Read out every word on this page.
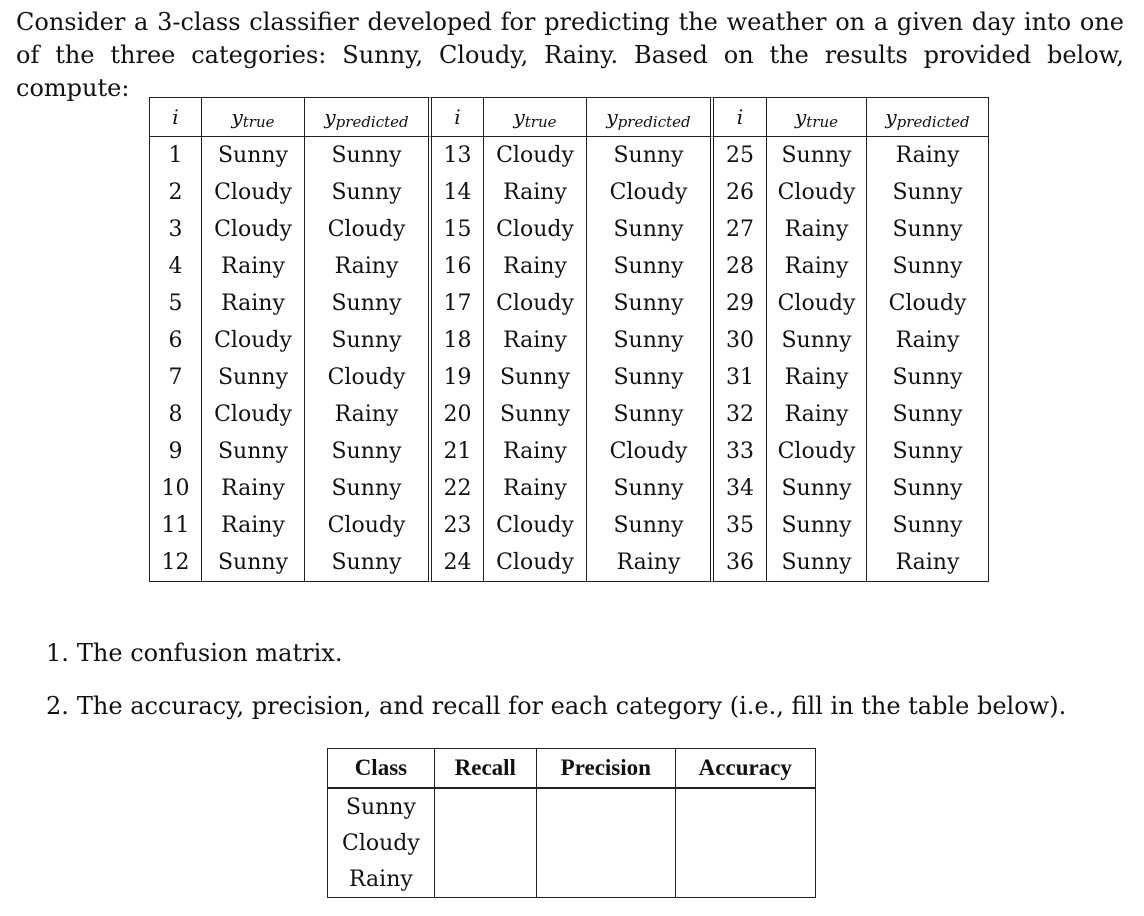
Consider a 3-class classifier developed for predicting the weather on a given day into one of the three categories: Sunny, Cloudy, Rainy. Based on the results provided below, compute:

i	ytrue	ypredicted	i	ytrue	ypredicted	i	ytrue	ypredicted
1	Sunny	Sunny	13	Cloudy	Sunny	25	Sunny	Rainy
2	Cloudy	Sunny	14	Rainy	Cloudy	26	Cloudy	Sunny
3	Cloudy	Cloudy	15	Cloudy	Sunny	27	Rainy	Sunny
4	Rainy	Rainy	16	Rainy	Sunny	28	Rainy	Sunny
5	Rainy	Sunny	17	Cloudy	Sunny	29	Cloudy	Cloudy
6	Cloudy	Sunny	18	Rainy	Sunny	30	Sunny	Rainy
7	Sunny	Cloudy	19	Sunny	Sunny	31	Rainy	Sunny
8	Cloudy	Rainy	20	Sunny	Sunny	32	Rainy	Sunny
9	Sunny	Sunny	21	Rainy	Cloudy	33	Cloudy	Sunny
10	Rainy	Sunny	22	Rainy	Sunny	34	Sunny	Sunny
11	Rainy	Cloudy	23	Cloudy	Sunny	35	Sunny	Sunny
12	Sunny	Sunny	24	Cloudy	Rainy	36	Sunny	Rainy
1. The confusion matrix.
2. The accuracy, precision, and recall for each category (i.e., fill in the table below).
Class	Recall	Precision	Accuracy
Sunny			
Cloudy			
Rainy			
